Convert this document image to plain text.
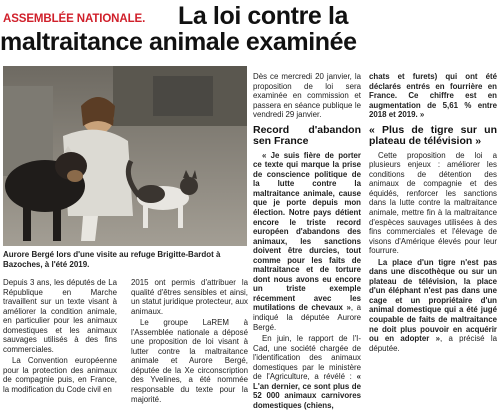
ASSEMBLÉE NATIONALE. La loi contre la
maltraitance animale examinée
Aurore Bergé lors d'une visite au refuge Brigitte-Bardot à Bazoches, à l'été 2019.

Depuis 3 ans, les députés de La République en Marche travaillent sur un texte visant à améliorer la condition animale, en particulier pour les animaux domestiques et les animaux sauvages utilisés à des fins commerciales.

La Convention européenne pour la protection des animaux de compagnie puis, en France, la modification du Code civil en

2015 ont permis d'attribuer la qualité d'êtres sensibles et ainsi, un statut juridique protecteur, aux animaux.

Le groupe LaREM à l'Assemblée nationale a déposé une proposition de loi visant à lutter contre la maltraitance animale et Aurore Bergé, députée de la Xe circonscription des Yvelines, a été nommée responsable du texte pour la majorité.

Dès ce mercredi 20 janvier, la proposition de loi sera examinée en commission et passera en séance publique le vendredi 29 janvier.

Record d'abandon sen France

« Je suis fière de porter ce texte qui marque la prise de conscience politique de la lutte contre la maltraitance animale, cause que je porte depuis mon élection. Notre pays détient encore le triste record européen d'abandons des animaux, les sanctions doivent être durcies, tout comme pour les faits de maltraitance et de torture dont nous avons eu encore un triste exemple récemment avec les mutilations de chevaux », a indiqué la députée Aurore Bergé.

En juin, le rapport de l'I-Cad, une société chargée de l'identification des animaux domestiques par le ministère de l'Agriculture, a révélé : « L'an dernier, ce sont plus de 52 000 animaux carnivores domestiques (chiens,

chats et furets) qui ont été déclarés entrés en fourrière en France. Ce chiffre est en augmentation de 5,61 % entre 2018 et 2019. »

« Plus de tigre sur un plateau de télévision »

Cette proposition de loi a plusieurs enjeux : améliorer les conditions de détention des animaux de compagnie et des équidés, renforcer les sanctions dans la lutte contre la maltraitance animale, mettre fin à la maltraitance d'espèces sauvages utilisées à des fins commerciales et l'élevage de visons d'Amérique élevés pour leur fourrure.

La place d'un tigre n'est pas dans une discothèque ou sur un plateau de télévision, la place d'un éléphant n'est pas dans une cage et un propriétaire d'un animal domestique qui a été jugé coupable de faits de maltraitance ne doit plus pouvoir en acquérir ou en adopter », a précisé la députée.
